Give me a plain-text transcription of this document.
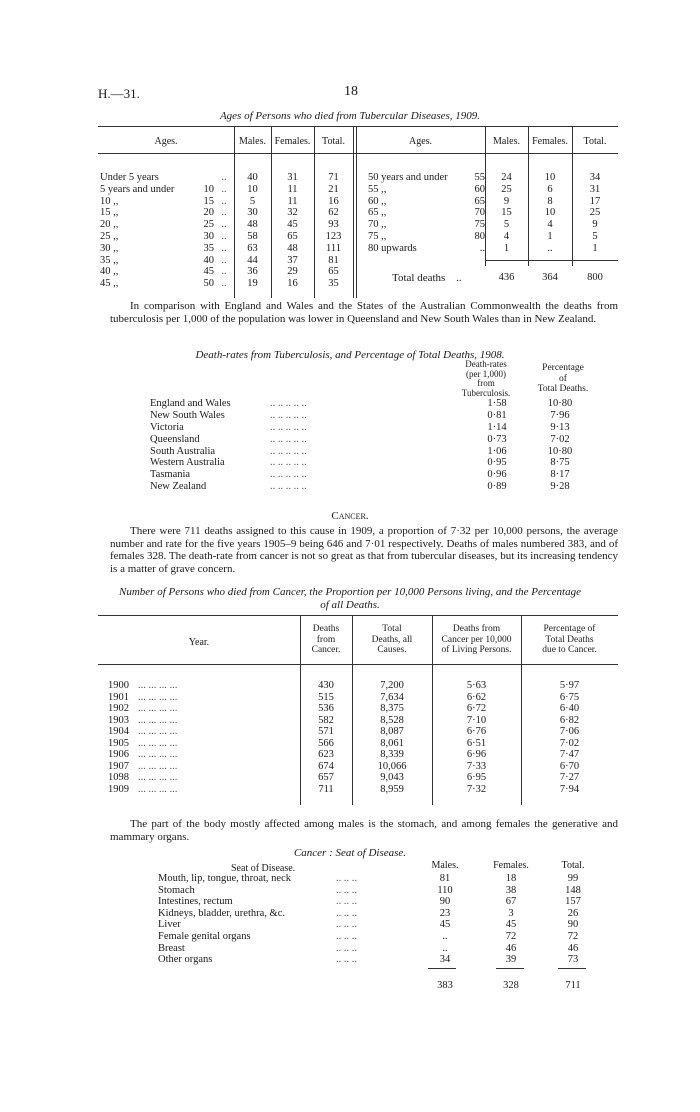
H.—31.	18
Ages of Persons who died from Tubercular Diseases, 1909.
Ages.	Males. Females.	Total.	Ages.	Males.	Females.	Total.
Under 5 years		..	40	31	71
5 years and under	10	..	10	11	21
10 ,,	15	..	5	11	16
15 ,,	20	..	30	32	62
20 ,,	25	..	48	45	93
25 ,,	30	..	58	65	123
30 ,,	35	..	63	48	111
35 ,,	40	..	44	37	81
40 ,,	45	..	36	29	65
45 ,,	50	..	19	16	35
50 years and under	55	24	10	34
55 ,,	60	25	6	31
60 ,,	65	9	8	17
65 ,,	70	15	10	25
70 ,,	75	5	4	9
75 ,,	80	4	1	5
80 upwards	..	1	..	1
Total deaths ..	436	364	800
In comparison with England and Wales and the States of the Australian Commonwealth the deaths from tuberculosis per 1,000 of the population was lower in Queensland and New South Wales than in New Zealand.
Death-rates from Tuberculosis, and Percentage of Total Deaths, 1908.
Death-rates
(per 1,000)
from
Tuberculosis.
Percentage
of
Total Deaths.
England and Wales	.. .. .. .. ..	1·58	10·80
New South Wales	.. .. .. .. ..	0·81	7·96
Victoria	.. .. .. .. ..	1·14	9·13
Queensland	.. .. .. .. ..	0·73	7·02
South Australia	.. .. .. .. ..	1·06	10·80
Western Australia	.. .. .. .. ..	0·95	8·75
Tasmania	.. .. .. .. ..	0·96	8·17
New Zealand	.. .. .. .. ..	0·89	9·28
Cancer.
There were 711 deaths assigned to this cause in 1909, a proportion of 7·32 per 10,000 persons, the average number and rate for the five years 1905–9 being 646 and 7·01 respectively. Deaths of males numbered 383, and of females 328. The death-rate from cancer is not so great as that from tubercular diseases, but its increasing tendency is a matter of grave concern.
Number of Persons who died from Cancer, the Proportion per 10,000 Persons living, and the Percentage
of all Deaths.
Year.
Deaths
from
Cancer.
Total
Deaths, all
Causes.
Deaths from
Cancer per 10,000
of Living Persons.
Percentage of
Total Deaths
due to Cancer.
1900	... ... ... ...	430	7,200	5·63	5·97
1901	... ... ... ...	515	7,634	6·62	6·75
1902	... ... ... ...	536	8,375	6·72	6·40
1903	... ... ... ...	582	8,528	7·10	6·82
1904	... ... ... ...	571	8,087	6·76	7·06
1905	... ... ... ...	566	8,061	6·51	7·02
1906	... ... ... ...	623	8,339	6·96	7·47
1907	... ... ... ...	674	10,066	7·33	6·70
1098	... ... ... ...	657	9,043	6·95	7·27
1909	... ... ... ...	711	8,959	7·32	7·94
The part of the body mostly affected among males is the stomach, and among females the generative and mammary organs.
Cancer : Seat of Disease.
Seat of Disease.	Males.	Females.	Total.
Mouth, lip, tongue, throat, neck	.. .. ..	81		18		99
Stomach	.. .. ..	110		38		148
Intestines, rectum	.. .. ..	90		67		157
Kidneys, bladder, urethra, &c.	.. .. ..	23		3		26
Liver	.. .. ..	45		45		90
Female genital organs	.. .. ..	..		72		72
Breast	.. .. ..	..		46		46
Other organs	.. .. ..	34		39		73
383	328	711
